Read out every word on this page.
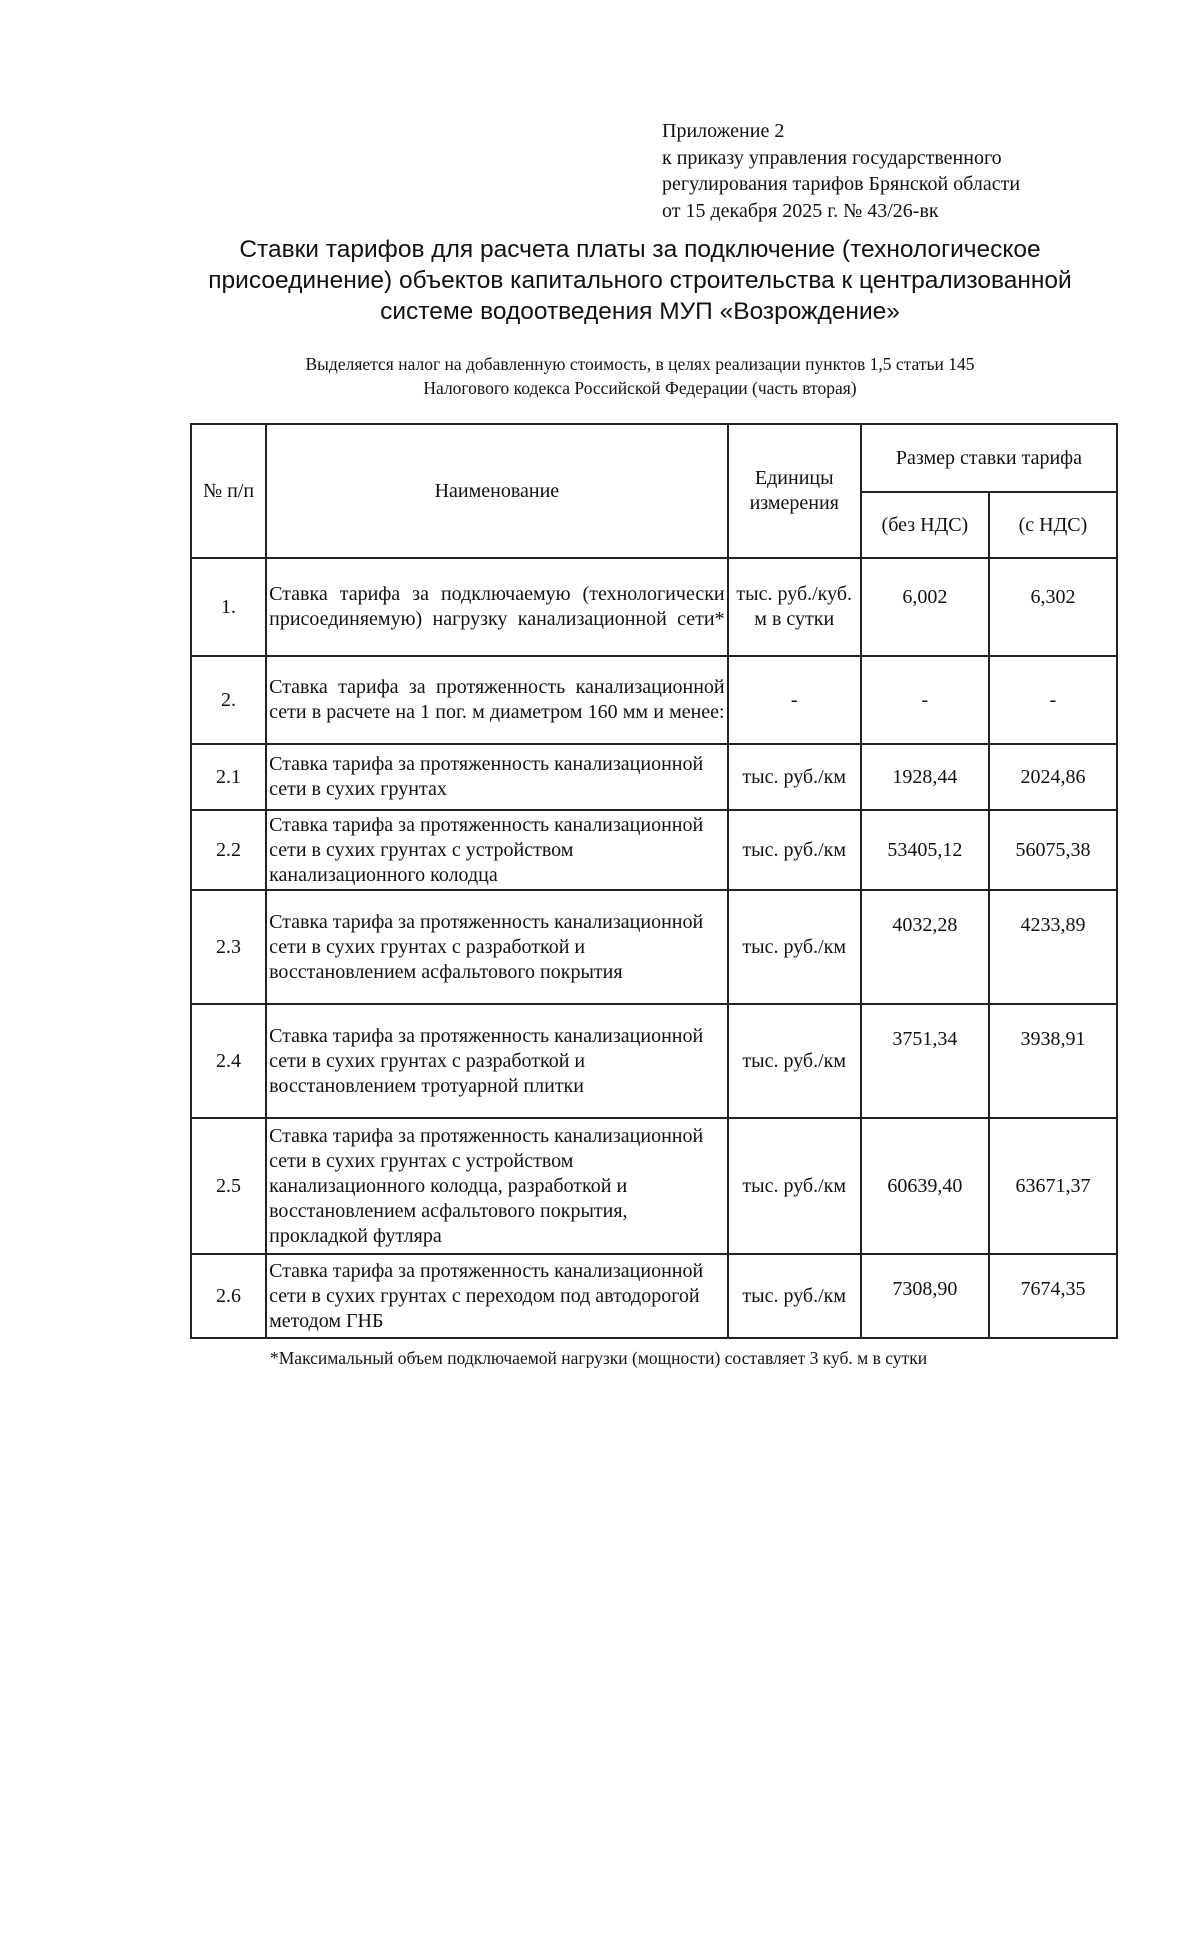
Приложение 2
к приказу управления государственного
регулирования тарифов Брянской области
от 15 декабря 2025 г. № 43/26-вк
Ставки тарифов для расчета платы за подключение (технологическое
присоединение) объектов капитального строительства к централизованной
системе водоотведения МУП «Возрождение»
Выделяется налог на добавленную стоимость, в целях реализации пунктов 1,5 статьи 145
Налогового кодекса Российской Федерации (часть вторая)
№ п/п	Наименование	Единицы измерения	Размер ставки тарифа	
			(без НДС)	(с НДС)
1.	Ставка тарифа за подключаемую (технологически присоединяемую) нагрузку канализационной сети*	тыс. руб./куб. м в сутки	6,002	6,302
2.	Ставка тарифа за протяженность канализационной сети в расчете на 1 пог. м диаметром 160 мм и менее:	-	-	-
2.1	Ставка тарифа за протяженность канализационной сети в сухих грунтах	тыс. руб./км	1928,44	2024,86
2.2	Ставка тарифа за протяженность канализационной сети в сухих грунтах с устройством канализационного колодца	тыс. руб./км	53405,12	56075,38
2.3	Ставка тарифа за протяженность канализационной сети в сухих грунтах с разработкой и восстановлением асфальтового покрытия	тыс. руб./км	4032,28	4233,89
2.4	Ставка тарифа за протяженность канализационной сети в сухих грунтах с разработкой и восстановлением тротуарной плитки	тыс. руб./км	3751,34	3938,91
2.5	Ставка тарифа за протяженность канализационной сети в сухих грунтах с устройством канализационного колодца, разработкой и восстановлением асфальтового покрытия, прокладкой футляра	тыс. руб./км	60639,40	63671,37
2.6	Ставка тарифа за протяженность канализационной сети в сухих грунтах с переходом под автодорогой методом ГНБ	тыс. руб./км	7308,90	7674,35
*Максимальный объем подключаемой нагрузки (мощности) составляет 3 куб. м в сутки
